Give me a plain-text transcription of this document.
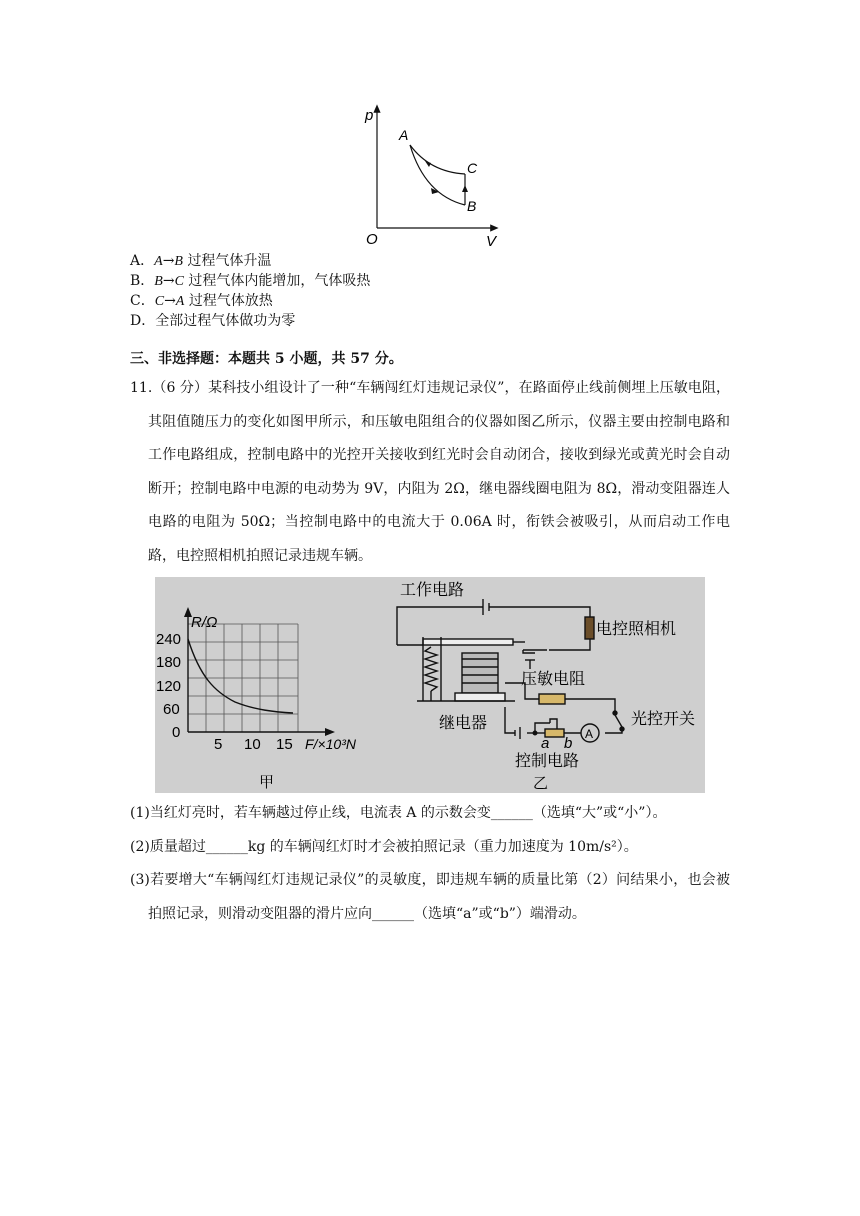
p
V
O
A
C
B
A．A→B 过程气体升温
B．B→C 过程气体内能增加，气体吸热
C．C→A 过程气体放热
D．全部过程气体做功为零
三、非选择题：本题共 5 小题，共 57 分。
11.（6 分）某科技小组设计了一种“车辆闯红灯违规记录仪”，在路面停止线前侧埋上压敏电阻，其阻值随压力的变化如图甲所示，和压敏电阻组合的仪器如图乙所示，仪器主要由控制电路和工作电路组成，控制电路中的光控开关接收到红光时会自动闭合，接收到绿光或黄光时会自动断开；控制电路中电源的电动势为 9V，内阻为 2Ω，继电器线圈电阻为 8Ω，滑动变阻器连人电路的电阻为 50Ω；当控制电路中的电流大于 0.06A 时，衔铁会被吸引，从而启动工作电路，电控照相机拍照记录违规车辆。
R/Ω
240
180
120
60
0
5 10 15 F/×10³N
甲
工作电路
电控照相机
压敏电阻
继电器	光控开关
a b
A
控制电路
乙
(1)当红灯亮时，若车辆越过停止线，电流表 A 的示数会变______（选填“大”或“小”）。
(2)质量超过______kg 的车辆闯红灯时才会被拍照记录（重力加速度为 10m/s²）。
(3)若要增大“车辆闯红灯违规记录仪”的灵敏度，即违规车辆的质量比第（2）问结果小，也会被拍照记录，则滑动变阻器的滑片应向______（选填“a”或“b”）端滑动。
